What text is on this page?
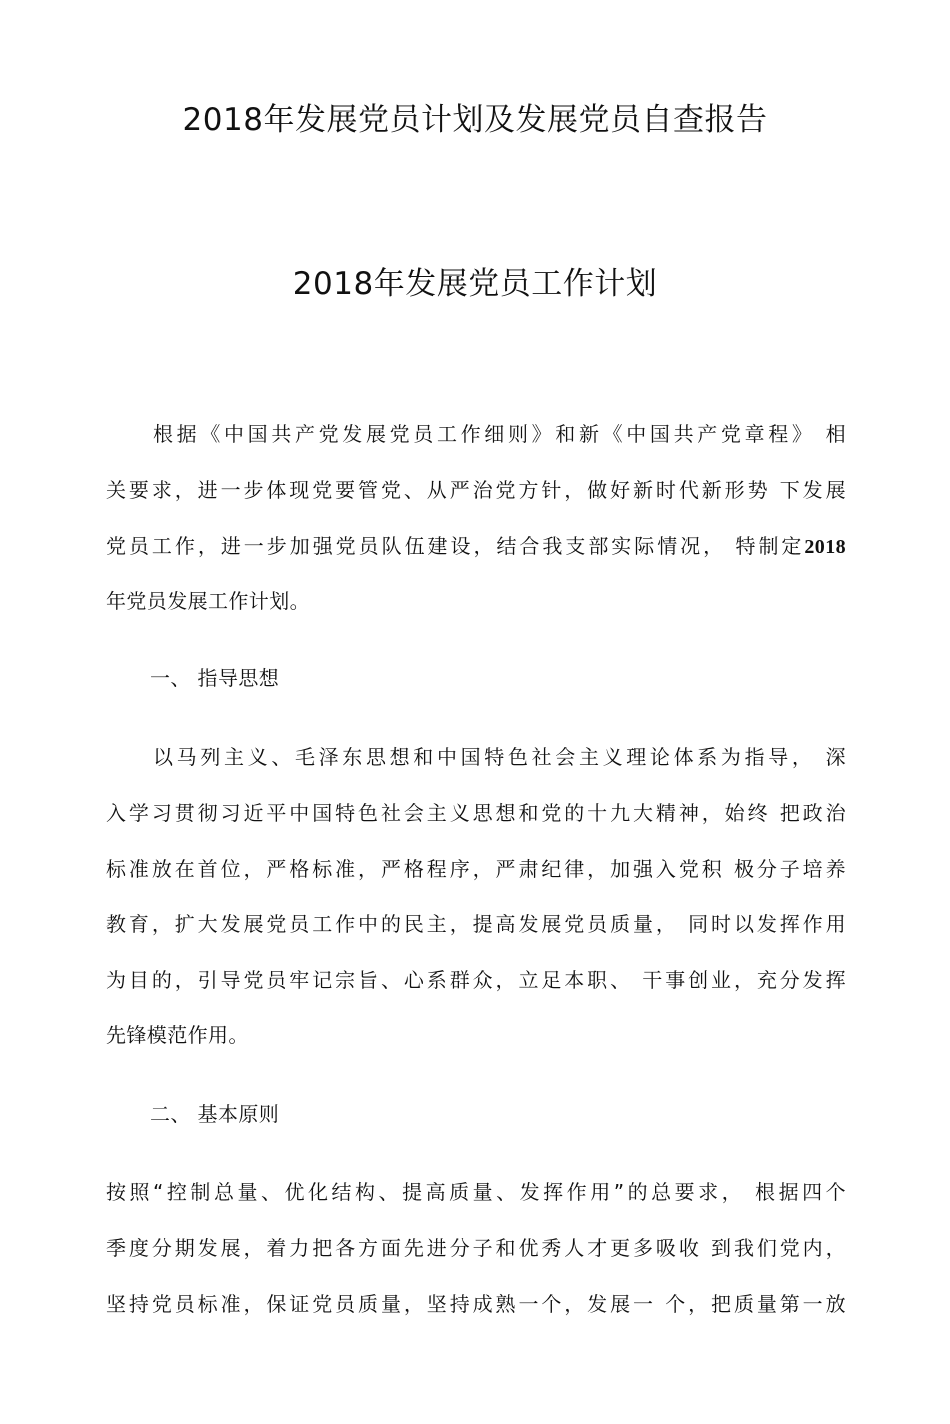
2018年发展党员计划及发展党员自查报告
2018年发展党员工作计划
根据《中国共产党发展党员工作细则》和新《中国共产党章程》 相
关要求，进一步体现党要管党、从严治党方针，做好新时代新形势 下发展
党员工作，进一步加强党员队伍建设，结合我支部实际情况， 特制定2018
年党员发展工作计划。
一、 指导思想
以马列主义、毛泽东思想和中国特色社会主义理论体系为指导， 深
入学习贯彻习近平中国特色社会主义思想和党的十九大精神，始终 把政治
标准放在首位，严格标准，严格程序，严肃纪律，加强入党积 极分子培养
教育，扩大发展党员工作中的民主，提高发展党员质量， 同时以发挥作用
为目的，引导党员牢记宗旨、心系群众，立足本职、 干事创业，充分发挥
先锋模范作用。
二、 基本原则
按照“控制总量、优化结构、提高质量、发挥作用”的总要求， 根据四个
季度分期发展，着力把各方面先进分子和优秀人才更多吸收 到我们党内，
坚持党员标准，保证党员质量，坚持成熟一个，发展一 个，把质量第一放
